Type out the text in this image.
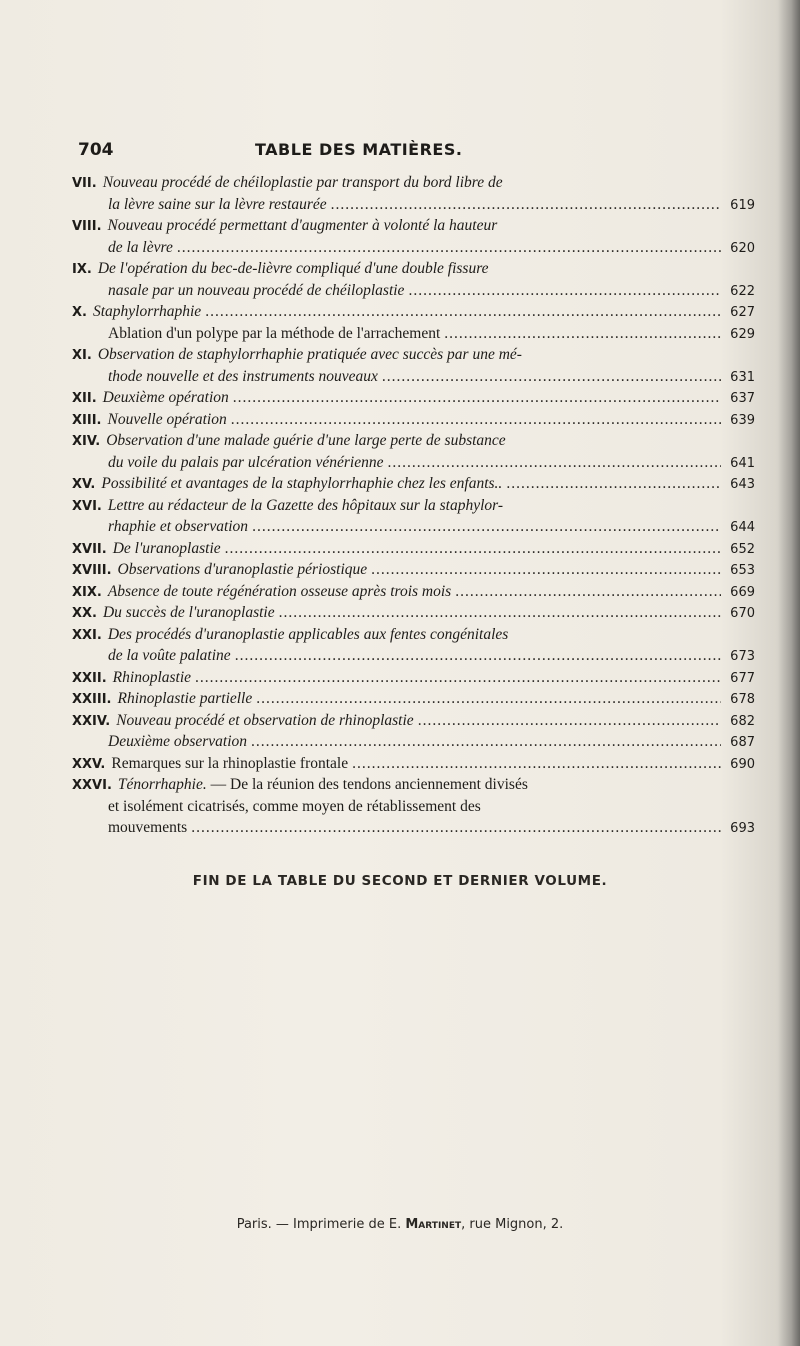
704	TABLE DES MATIÈRES.
VII. Nouveau procédé de chéiloplastie par transport du bord libre de
la lèvre saine sur la lèvre restaurée .....	619
VIII. Nouveau procédé permettant d'augmenter à volonté la hauteur
de la lèvre .....	620
IX. De l'opération du bec-de-lièvre compliqué d'une double fissure
nasale par un nouveau procédé de chéiloplastie .....	622
X. Staphylorrhaphie .....	627
Ablation d'un polype par la méthode de l'arrachement .....	629
XI. Observation de staphylorrhaphie pratiquée avec succès par une mé-
thode nouvelle et des instruments nouveaux .....	631
XII. Deuxième opération .....	637
XIII. Nouvelle opération .....	639
XIV. Observation d'une malade guérie d'une large perte de substance
du voile du palais par ulcération vénérienne .....	641
XV. Possibilité et avantages de la staphylorrhaphie chez les enfants.. .....	643
XVI. Lettre au rédacteur de la Gazette des hôpitaux sur la staphylor-
rhaphie et observation .....	644
XVII. De l'uranoplastie .....	652
XVIII. Observations d'uranoplastie périostique .....	653
XIX. Absence de toute régénération osseuse après trois mois .....	669
XX. Du succès de l'uranoplastie .....	670
XXI. Des procédés d'uranoplastie applicables aux fentes congénitales
de la voûte palatine .....	673
XXII. Rhinoplastie .....	677
XXIII. Rhinoplastie partielle .....	678
XXIV. Nouveau procédé et observation de rhinoplastie .....	682
Deuxième observation .....	687
XXV. Remarques sur la rhinoplastie frontale .....	690
XXVI. Ténorrhaphie. — De la réunion des tendons anciennement divisés
et isolément cicatrisés, comme moyen de rétablissement des
mouvements .....	693
FIN DE LA TABLE DU SECOND ET DERNIER VOLUME.
Paris. — Imprimerie de E. Martinet, rue Mignon, 2.
